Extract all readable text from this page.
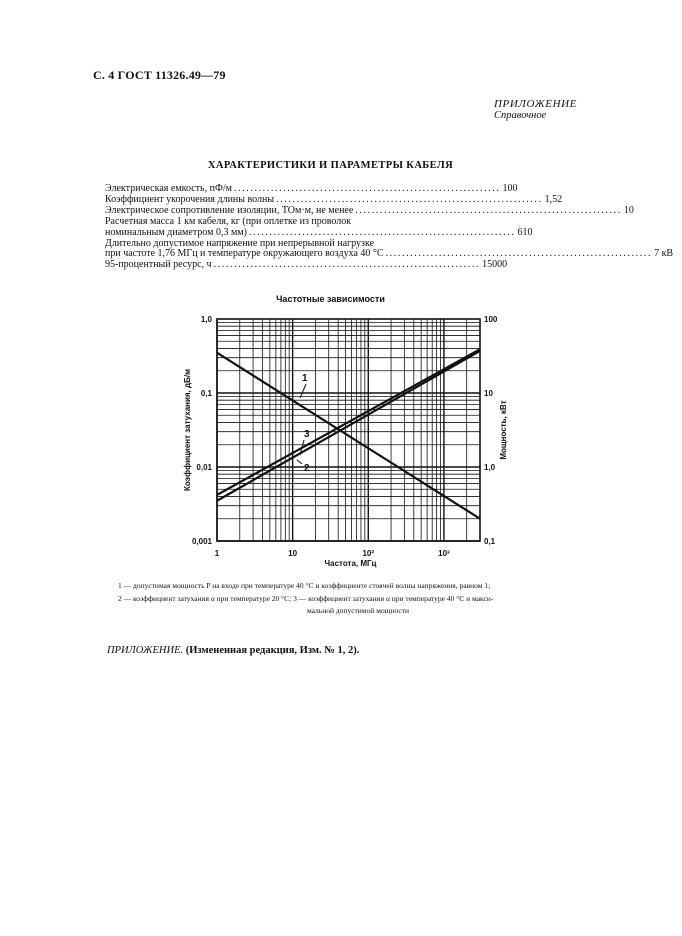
С. 4 ГОСТ 11326.49—79
ПРИЛОЖЕНИЕ
Справочное
ХАРАКТЕРИСТИКИ И ПАРАМЕТРЫ КАБЕЛЯ
Электрическая емкость, пФ/м ................................................................. 100
Коэффициент укорочения длины волны ................................................................. 1,52
Электрическое сопротивление изоляции, ТОм·м, не менее ................................................................. 10
Расчетная масса 1 км кабеля, кг (при оплетке из проволок
номинальным диаметром 0,3 мм) ................................................................. 610
Длительно допустимое напряжение при непрерывной нагрузке
при частоте 1,76 МГц и температуре окружающего воздуха 40 °С ................................................................. 7 кВ
95-процентный ресурс, ч ................................................................. 15000
Частотные зависимости
1
3
2
1	10	10²	10³
0,001
0,01
0,1
1,0
0,1
1,0
10
100
Частота, МГц
Коэффициент затухания, дБ/м	Мощность, кВт
1 — допустимая мощность P на входе при температуре 40 °С и коэффициенте стоячей волны напряжения, равном 1;
2 — коэффициент затухания α при температуре 20 °С; 3 — коэффициент затухания α при температуре 40 °С и макси-
мальной допустимой мощности
ПРИЛОЖЕНИЕ. (Измененная редакция, Изм. № 1, 2).
